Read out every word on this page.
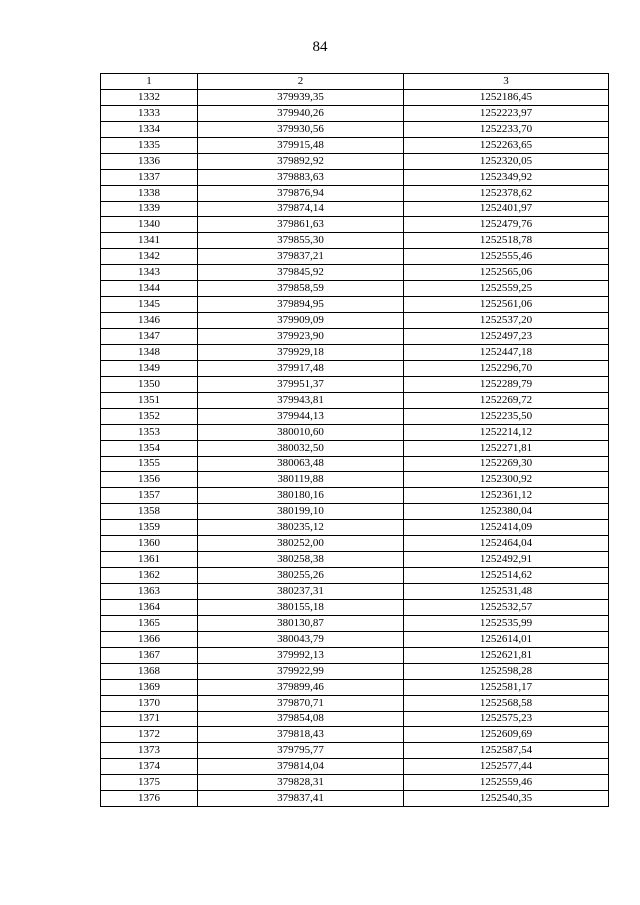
84
1	2	3
1332	379939,35	1252186,45
1333	379940,26	1252223,97
1334	379930,56	1252233,70
1335	379915,48	1252263,65
1336	379892,92	1252320,05
1337	379883,63	1252349,92
1338	379876,94	1252378,62
1339	379874,14	1252401,97
1340	379861,63	1252479,76
1341	379855,30	1252518,78
1342	379837,21	1252555,46
1343	379845,92	1252565,06
1344	379858,59	1252559,25
1345	379894,95	1252561,06
1346	379909,09	1252537,20
1347	379923,90	1252497,23
1348	379929,18	1252447,18
1349	379917,48	1252296,70
1350	379951,37	1252289,79
1351	379943,81	1252269,72
1352	379944,13	1252235,50
1353	380010,60	1252214,12
1354	380032,50	1252271,81
1355	380063,48	1252269,30
1356	380119,88	1252300,92
1357	380180,16	1252361,12
1358	380199,10	1252380,04
1359	380235,12	1252414,09
1360	380252,00	1252464,04
1361	380258,38	1252492,91
1362	380255,26	1252514,62
1363	380237,31	1252531,48
1364	380155,18	1252532,57
1365	380130,87	1252535,99
1366	380043,79	1252614,01
1367	379992,13	1252621,81
1368	379922,99	1252598,28
1369	379899,46	1252581,17
1370	379870,71	1252568,58
1371	379854,08	1252575,23
1372	379818,43	1252609,69
1373	379795,77	1252587,54
1374	379814,04	1252577,44
1375	379828,31	1252559,46
1376	379837,41	1252540,35
